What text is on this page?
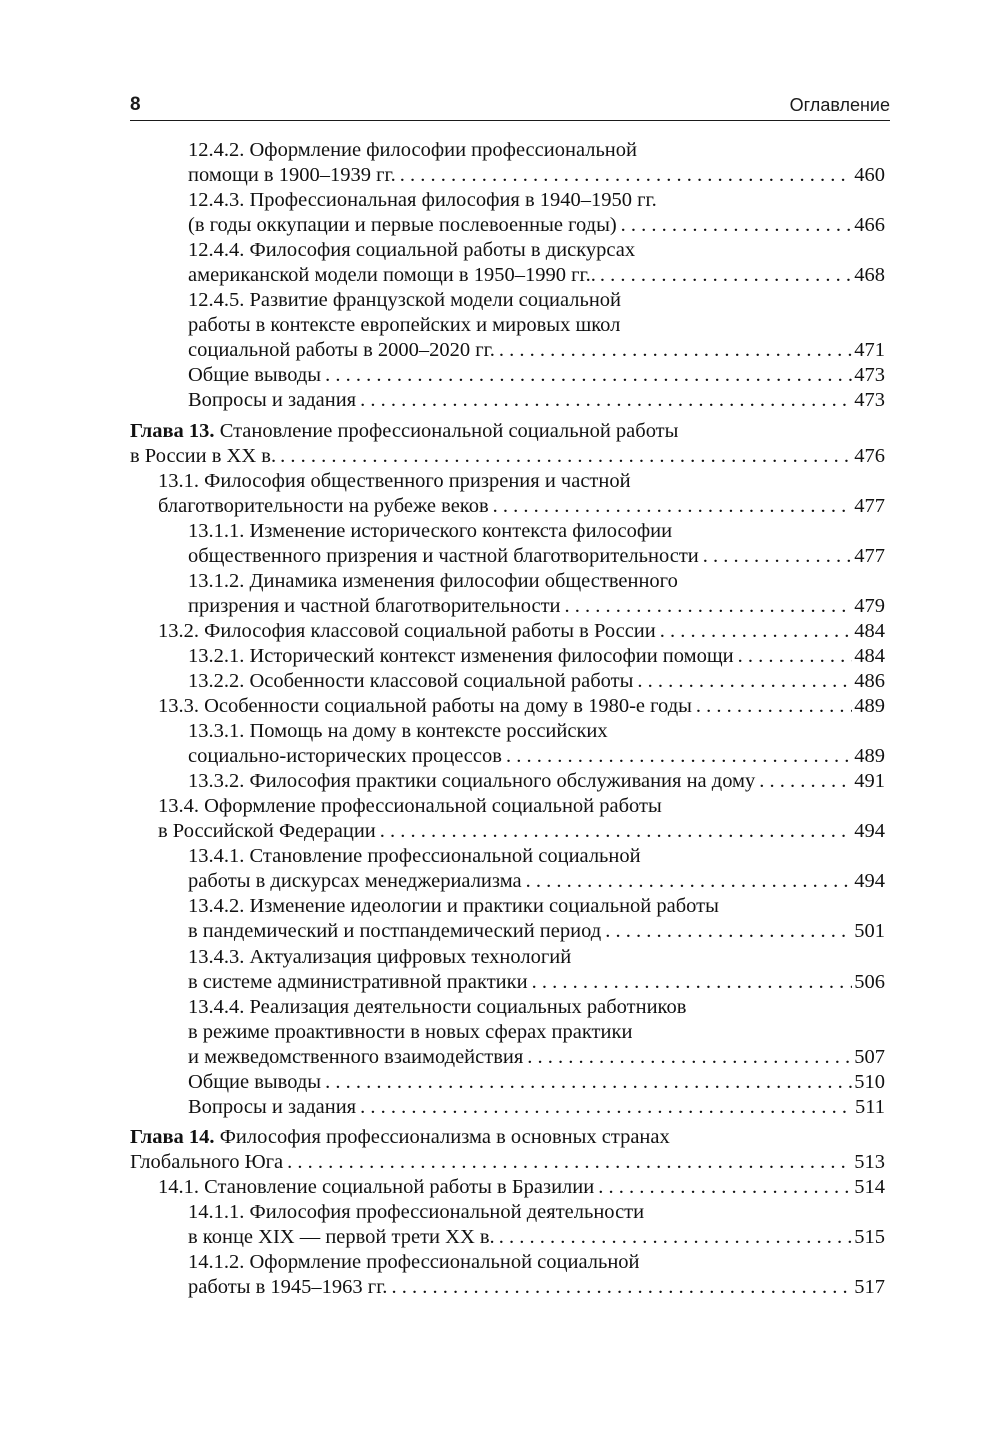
8	Оглавление
12.4.2. Оформление философии профессиональной
помощи в 1900–1939 гг. . . .	460
12.4.3. Профессиональная философия в 1940–1950 гг.
(в годы оккупации и первые послевоенные годы) . . .	466
12.4.4. Философия социальной работы в дискурсах
американской модели помощи в 1950–1990 гг.. . . .	468
12.4.5. Развитие французской модели социальной
работы в контексте европейских и мировых школ
социальной работы в 2000–2020 гг. . . .	471
Общие выводы . . .	473
Вопросы и задания . . .	473
Глава 13. Становление профессиональной социальной работы
в России в XX в. . . .	476
13.1. Философия общественного призрения и частной
благотворительности на рубеже веков . . .	477
13.1.1. Изменение исторического контекста философии
общественного призрения и частной благотворительности . . .	477
13.1.2. Динамика изменения философии общественного
призрения и частной благотворительности . . .	479
13.2. Философия классовой социальной работы в России . . .	484
13.2.1. Исторический контекст изменения философии помощи . . .	484
13.2.2. Особенности классовой социальной работы . . .	486
13.3. Особенности социальной работы на дому в 1980-е годы . . .	489
13.3.1. Помощь на дому в контексте российских
социально-исторических процессов . . .	489
13.3.2. Философия практики социального обслуживания на дому . . .	491
13.4. Оформление профессиональной социальной работы
в Российской Федерации . . .	494
13.4.1. Становление профессиональной социальной
работы в дискурсах менеджериализма . . .	494
13.4.2. Изменение идеологии и практики социальной работы
в пандемический и постпандемический период . . .	501
13.4.3. Актуализация цифровых технологий
в системе административной практики . . .	506
13.4.4. Реализация деятельности социальных работников
в режиме проактивности в новых сферах практики
и межведомственного взаимодействия . . .	507
Общие выводы . . .	510
Вопросы и задания . . .	511
Глава 14. Философия профессионализма в основных странах
Глобального Юга . . .	513
14.1. Становление социальной работы в Бразилии . . .	514
14.1.1. Философия профессиональной деятельности
в конце XIX — первой трети XX в. . . .	515
14.1.2. Оформление профессиональной социальной
работы в 1945–1963 гг. . . .	517
